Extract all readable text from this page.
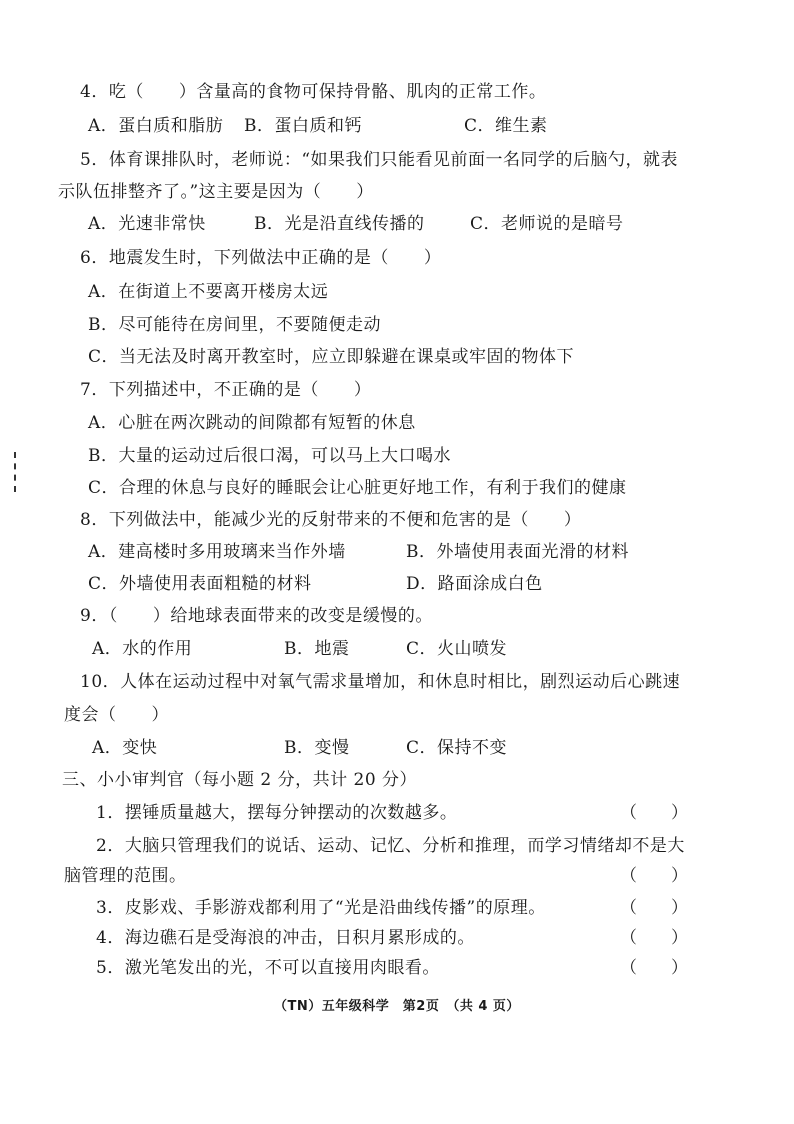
4．吃（　　）含量高的食物可保持骨骼、肌肉的正常工作。
A．蛋白质和脂肪 B．蛋白质和钙	C．维生素
5．体育课排队时，老师说：“如果我们只能看见前面一名同学的后脑勺，就表
示队伍排整齐了。”这主要是因为（　　）
A．光速非常快	B．光是沿直线传播的	C．老师说的是暗号
6．地震发生时，下列做法中正确的是（　　）
A．在街道上不要离开楼房太远
B．尽可能待在房间里，不要随便走动
C．当无法及时离开教室时，应立即躲避在课桌或牢固的物体下
7．下列描述中，不正确的是（　　）
A．心脏在两次跳动的间隙都有短暂的休息
B．大量的运动过后很口渴，可以马上大口喝水
C．合理的休息与良好的睡眠会让心脏更好地工作，有利于我们的健康
8．下列做法中，能减少光的反射带来的不便和危害的是（　　）
A．建高楼时多用玻璃来当作外墙	B．外墙使用表面光滑的材料
C．外墙使用表面粗糙的材料	D．路面涂成白色
9．（　　）给地球表面带来的改变是缓慢的。
A．水的作用	B．地震	C．火山喷发
10．人体在运动过程中对氧气需求量增加，和休息时相比，剧烈运动后心跳速
度会（　　）
A．变快	B．变慢	C．保持不变
三、小小审判官（每小题 2 分，共计 20 分）
1．摆锤质量越大，摆每分钟摆动的次数越多。	（　　）
2．大脑只管理我们的说话、运动、记忆、分析和推理，而学习情绪却不是大
脑管理的范围。	（　　）
3．皮影戏、手影游戏都利用了“光是沿曲线传播”的原理。	（　　）
4．海边礁石是受海浪的冲击，日积月累形成的。	（　　）
5．激光笔发出的光，不可以直接用肉眼看。	（　　）
（TN）五年级科学　第2页　（共 4 页）
